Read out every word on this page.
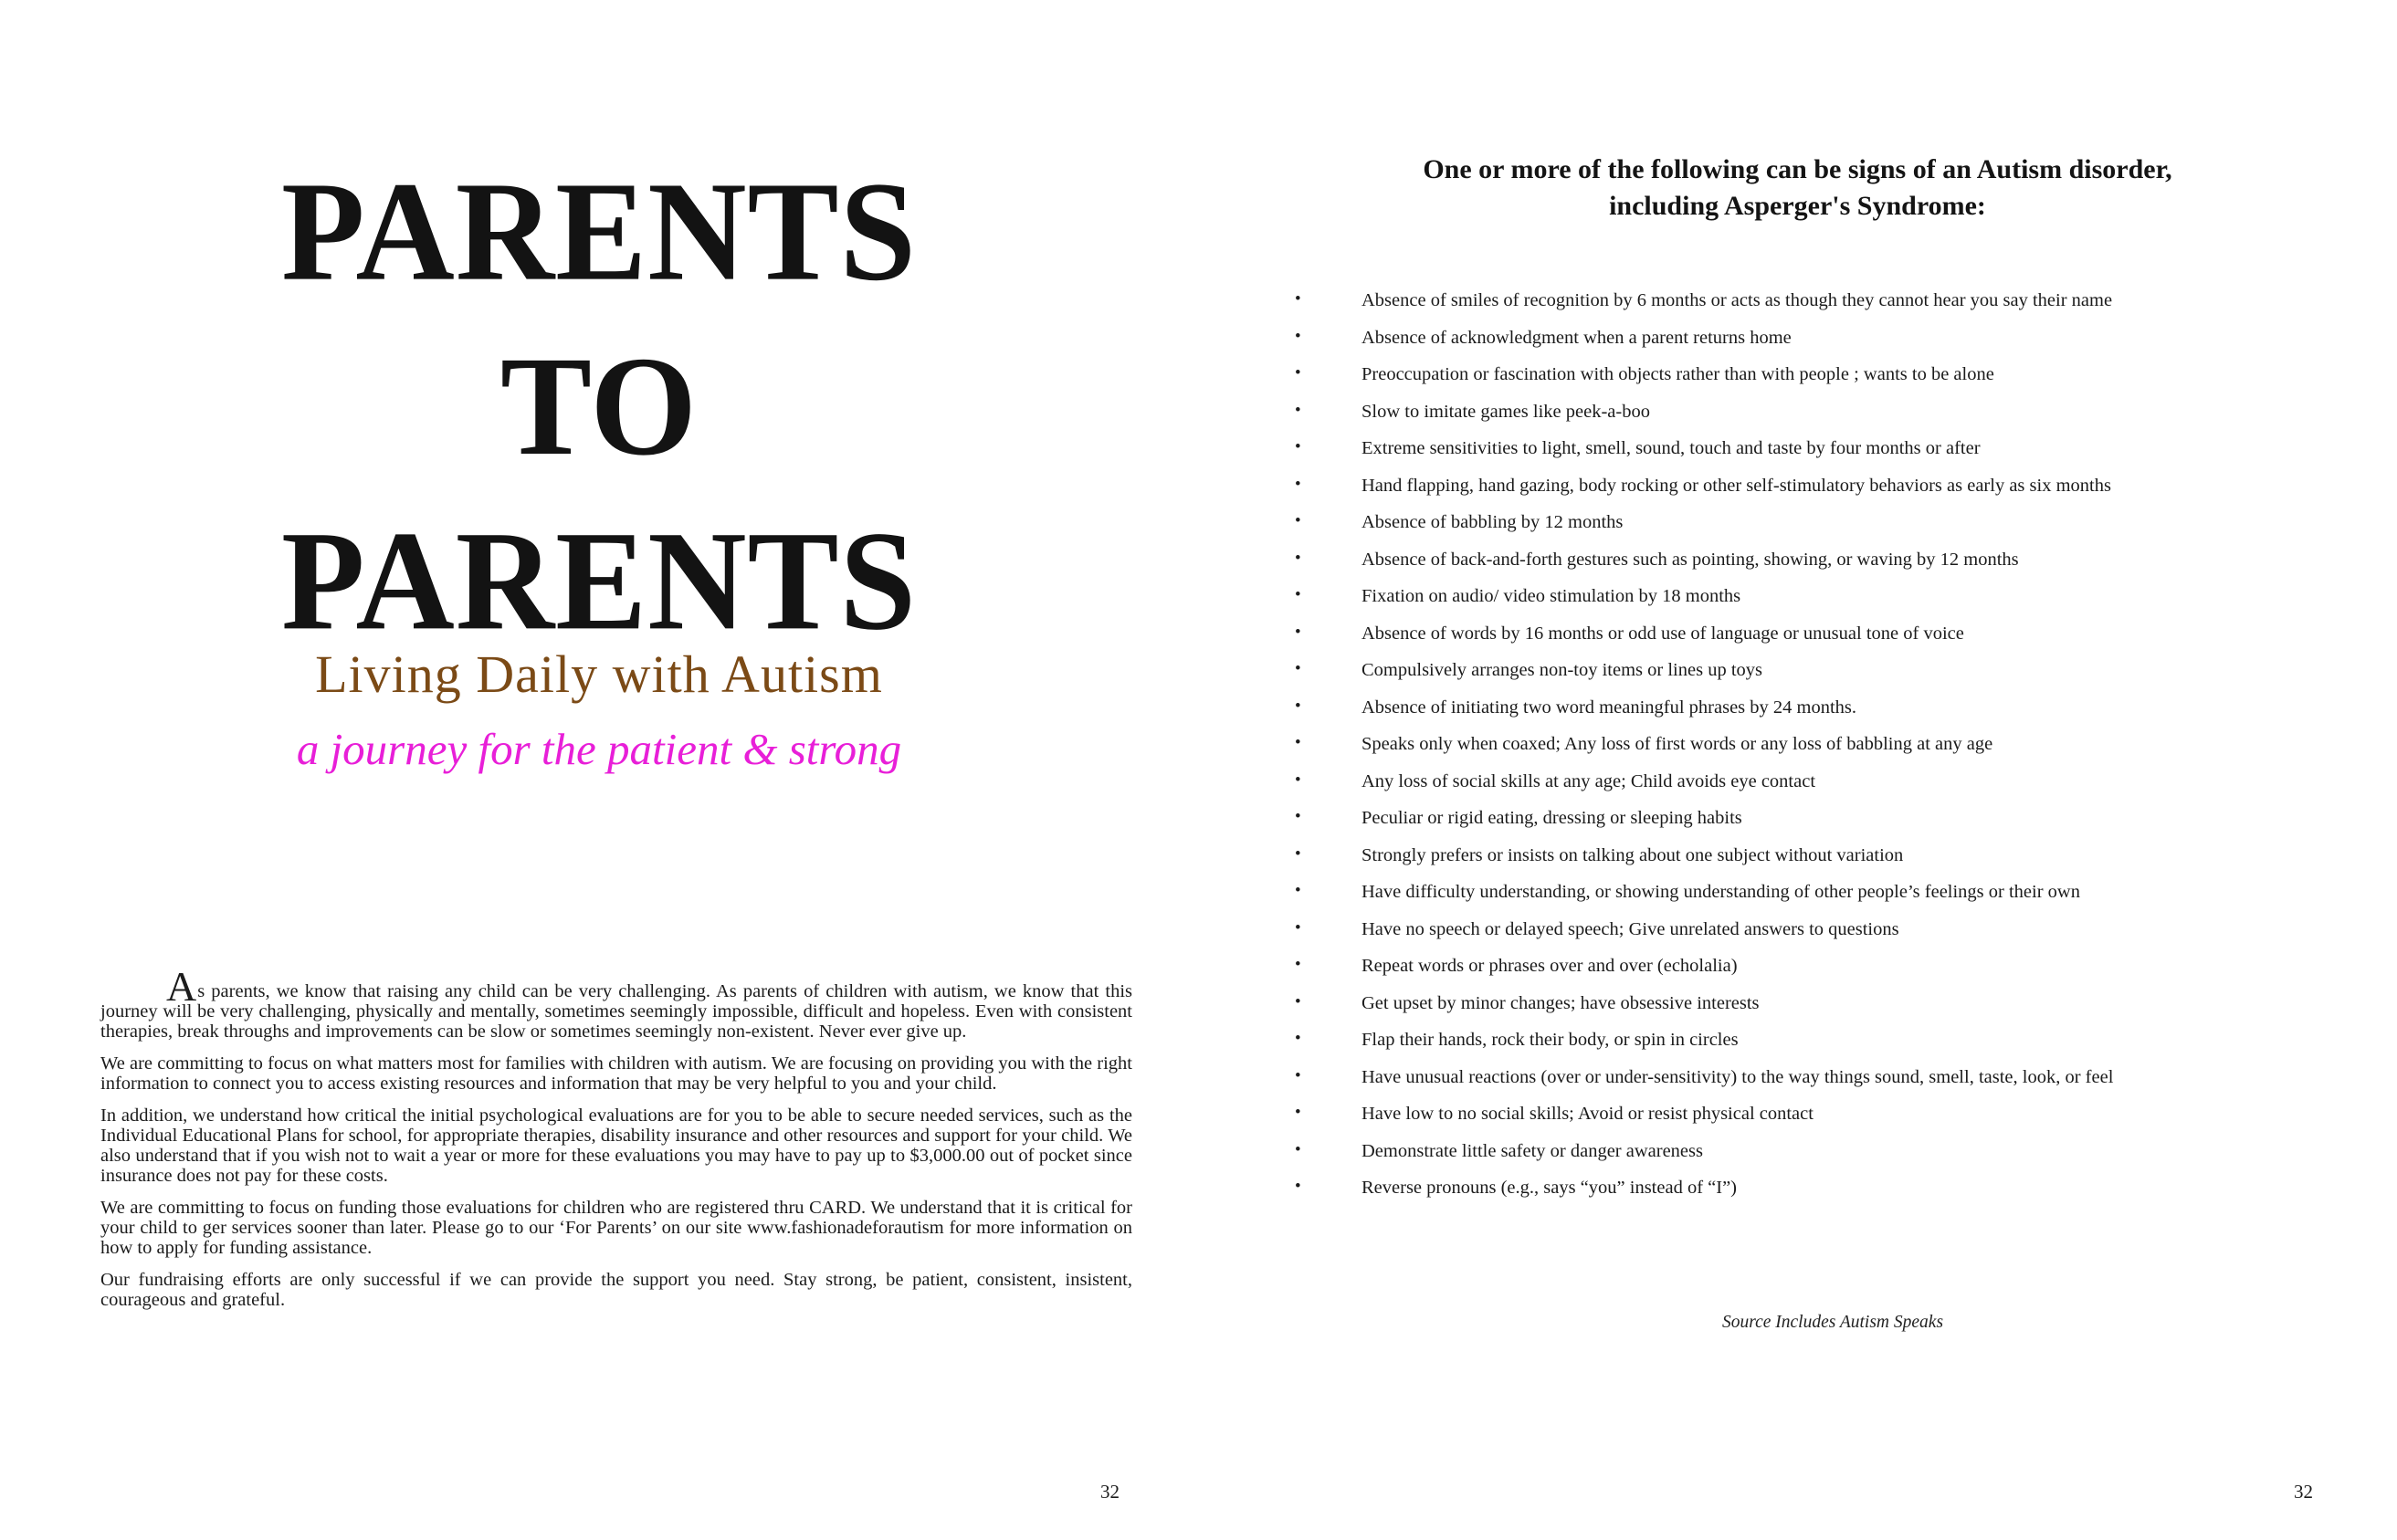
PARENTS
TO
PARENTS
Living Daily with Autism
a journey for the patient & strong

As parents, we know that raising any child can be very challenging. As parents of children with autism, we know that this journey will be very challenging, physically and mentally, sometimes seemingly impossible, difficult and hopeless. Even with consistent therapies, break throughs and improvements can be slow or sometimes seemingly non-existent. Never ever give up.

We are committing to focus on what matters most for families with children with autism. We are focusing on providing you with the right information to connect you to access existing resources and information that may be very helpful to you and your child.

In addition, we understand how critical the initial psychological evaluations are for you to be able to secure needed services, such as the Individual Educational Plans for school, for appropriate therapies, disability insurance and other resources and support for your child. We also understand that if you wish not to wait a year or more for these evaluations you may have to pay up to $3,000.00 out of pocket since insurance does not pay for these costs.

We are committing to focus on funding those evaluations for children who are registered thru CARD. We understand that it is critical for your child to ger services sooner than later. Please go to our ‘For Parents’ on our site www.fashionadeforautism for more information on how to apply for funding assistance.

Our fundraising efforts are only successful if we can provide the support you need. Stay strong, be patient, consistent, insistent, courageous and grateful.

32
One or more of the following can be signs of an Autism disorder,
including Asperger's Syndrome:
•	Absence of smiles of recognition by 6 months or acts as though they cannot hear you say their name
•	Absence of acknowledgment when a parent returns home
•	Preoccupation or fascination with objects rather than with people ; wants to be alone
•	Slow to imitate games like peek-a-boo
•	Extreme sensitivities to light, smell, sound, touch and taste by four months or after
•	Hand flapping, hand gazing, body rocking or other self-stimulatory behaviors as early as six months
•	Absence of babbling by 12 months
•	Absence of back-and-forth gestures such as pointing, showing, or waving by 12 months
•	Fixation on audio/ video stimulation by 18 months
•	Absence of words by 16 months or odd use of language or unusual tone of voice
•	Compulsively arranges non-toy items or lines up toys
•	Absence of initiating two word meaningful phrases by 24 months.
•	Speaks only when coaxed; Any loss of first words or any loss of babbling at any age
•	Any loss of social skills at any age; Child avoids eye contact
•	Peculiar or rigid eating, dressing or sleeping habits
•	Strongly prefers or insists on talking about one subject without variation
•	Have difficulty understanding, or showing understanding of other people’s feelings or their own
•	Have no speech or delayed speech; Give unrelated answers to questions
•	Repeat words or phrases over and over (echolalia)
•	Get upset by minor changes; have obsessive interests
•	Flap their hands, rock their body, or spin in circles
•	Have unusual reactions (over or under-sensitivity) to the way things sound, smell, taste, look, or feel
•	Have low to no social skills; Avoid or resist physical contact
•	Demonstrate little safety or danger awareness
•	Reverse pronouns (e.g., says “you” instead of “I”)
Source Includes Autism Speaks
32
